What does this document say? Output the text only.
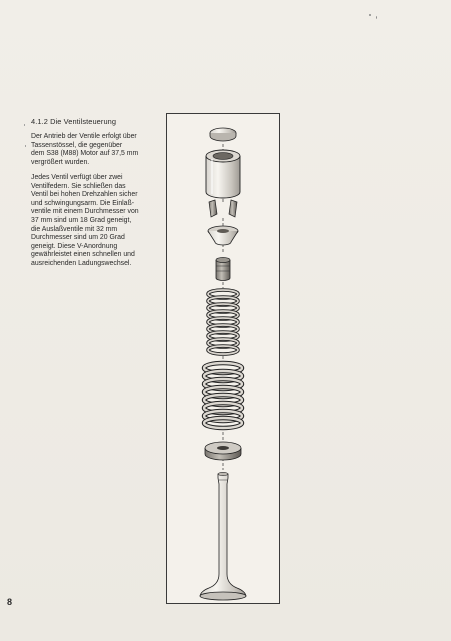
4.1.2 Die Ventilsteuerung
Der Antrieb der Ventile erfolgt über
Tassenstössel, die gegenüber
dem S38 (M88) Motor auf 37,5 mm
vergrößert wurden.
Jedes Ventil verfügt über zwei
Ventilfedern. Sie schließen das
Ventil bei hohen Drehzahlen sicher
und schwingungsarm. Die Einlaß-
ventile mit einem Durchmesser von
37 mm sind um 18 Grad geneigt,
die Auslaßventile mit 32 mm
Durchmesser sind um 20 Grad
geneigt. Diese V-Anordnung
gewährleistet einen schnellen und
ausreichenden Ladungswechsel.
8
